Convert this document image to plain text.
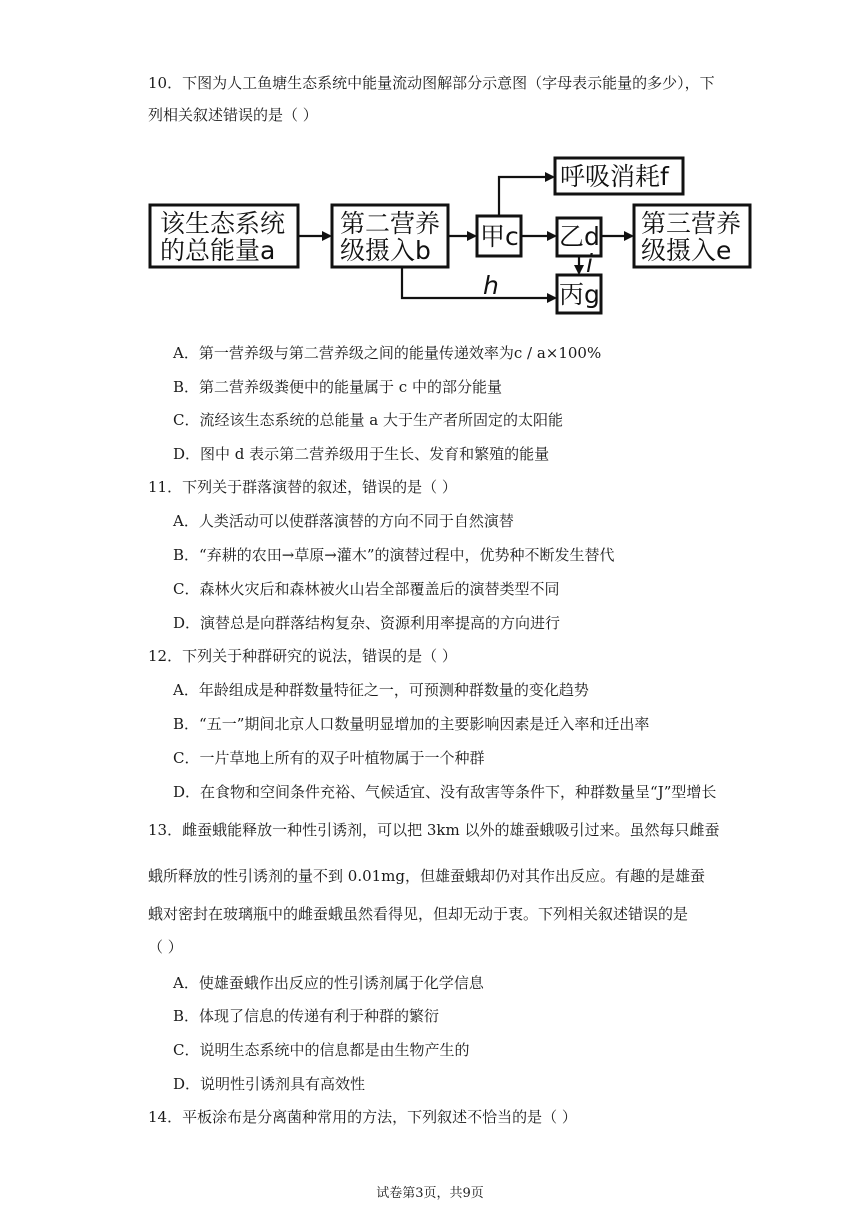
10．下图为人工鱼塘生态系统中能量流动图解部分示意图（字母表示能量的多少），下
列相关叙述错误的是（ ）
该生态系统
的总能量a
第二营养
级摄入b 甲c
呼吸消耗f
乙d
丙g
第三营养
级摄入e
h
i
A．第一营养级与第二营养级之间的能量传递效率为c / a×100%
B．第二营养级粪便中的能量属于 c 中的部分能量
C．流经该生态系统的总能量 a 大于生产者所固定的太阳能
D．图中 d 表示第二营养级用于生长、发育和繁殖的能量
11．下列关于群落演替的叙述，错误的是（ ）
A．人类活动可以使群落演替的方向不同于自然演替
B．“弃耕的农田→草原→灌木”的演替过程中，优势种不断发生替代
C．森林火灾后和森林被火山岩全部覆盖后的演替类型不同
D．演替总是向群落结构复杂、资源利用率提高的方向进行
12．下列关于种群研究的说法，错误的是（ ）
A．年龄组成是种群数量特征之一，可预测种群数量的变化趋势
B．“五一”期间北京人口数量明显增加的主要影响因素是迁入率和迁出率
C．一片草地上所有的双子叶植物属于一个种群
D．在食物和空间条件充裕、气候适宜、没有敌害等条件下，种群数量呈“J”型增长
13．雌蚕蛾能释放一种性引诱剂，可以把 3km 以外的雄蚕蛾吸引过来。虽然每只雌蚕
蛾所释放的性引诱剂的量不到 0.01mg，但雄蚕蛾却仍对其作出反应。有趣的是雄蚕
蛾对密封在玻璃瓶中的雌蚕蛾虽然看得见，但却无动于衷。下列相关叙述错误的是
（ ）
A．使雄蚕蛾作出反应的性引诱剂属于化学信息
B．体现了信息的传递有利于种群的繁衍
C．说明生态系统中的信息都是由生物产生的
D．说明性引诱剂具有高效性
14．平板涂布是分离菌种常用的方法，下列叙述不恰当的是（ ）
试卷第3页，共9页
